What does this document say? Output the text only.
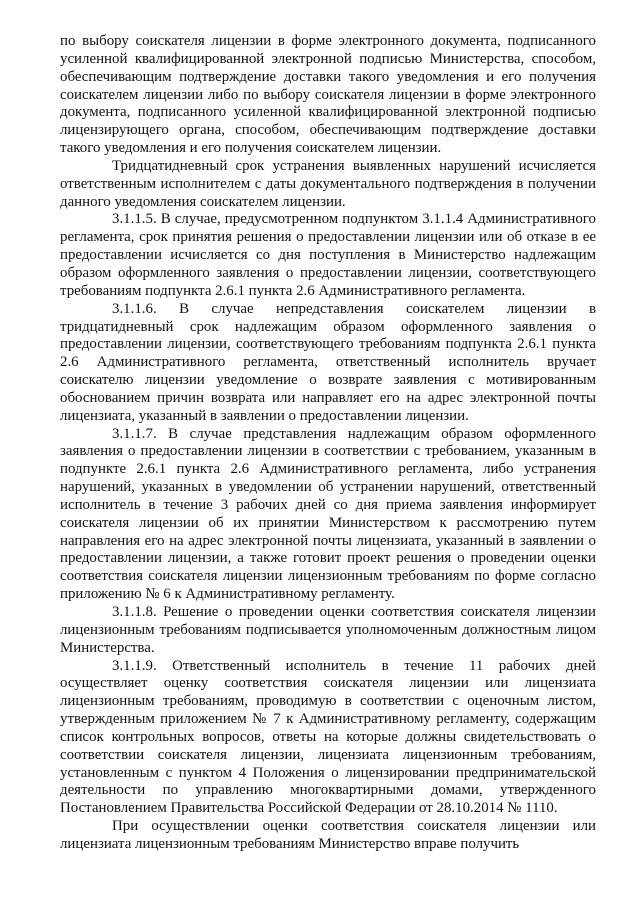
по выбору соискателя лицензии в форме электронного документа, подписанного усиленной квалифицированной электронной подписью Министерства, способом, обеспечивающим подтверждение доставки такого уведомления и его получения соискателем лицензии либо по выбору соискателя лицензии в форме электронного документа, подписанного усиленной квалифицированной электронной подписью лицензирующего органа, способом, обеспечивающим подтверждение доставки такого уведомления и его получения соискателем лицензии.

Тридцатидневный срок устранения выявленных нарушений исчисляется ответственным исполнителем с даты документального подтверждения в получении данного уведомления соискателем лицензии.

3.1.1.5. В случае, предусмотренном подпунктом 3.1.1.4 Административного регламента, срок принятия решения о предоставлении лицензии или об отказе в ее предоставлении исчисляется со дня поступления в Министерство надлежащим образом оформленного заявления о предоставлении лицензии, соответствующего требованиям подпункта 2.6.1 пункта 2.6 Административного регламента.

3.1.1.6. В случае непредставления соискателем лицензии в тридцатидневный срок надлежащим образом оформленного заявления о предоставлении лицензии, соответствующего требованиям подпункта 2.6.1 пункта 2.6 Административного регламента, ответственный исполнитель вручает соискателю лицензии уведомление о возврате заявления с мотивированным обоснованием причин возврата или направляет его на адрес электронной почты лицензиата, указанный в заявлении о предоставлении лицензии.

3.1.1.7. В случае представления надлежащим образом оформленного заявления о предоставлении лицензии в соответствии с требованием, указанным в подпункте 2.6.1 пункта 2.6 Административного регламента, либо устранения нарушений, указанных в уведомлении об устранении нарушений, ответственный исполнитель в течение 3 рабочих дней со дня приема заявления информирует соискателя лицензии об их принятии Министерством к рассмотрению путем направления его на адрес электронной почты лицензиата, указанный в заявлении о предоставлении лицензии, а также готовит проект решения о проведении оценки соответствия соискателя лицензии лицензионным требованиям по форме согласно приложению № 6 к Административному регламенту.

3.1.1.8. Решение о проведении оценки соответствия соискателя лицензии лицензионным требованиям подписывается уполномоченным должностным лицом Министерства.

3.1.1.9. Ответственный исполнитель в течение 11 рабочих дней осуществляет оценку соответствия соискателя лицензии или лицензиата лицензионным требованиям, проводимую в соответствии с оценочным листом, утвержденным приложением № 7 к Административному регламенту, содержащим список контрольных вопросов, ответы на которые должны свидетельствовать о соответствии соискателя лицензии, лицензиата лицензионным требованиям, установленным с пунктом 4 Положения о лицензировании предпринимательской деятельности по управлению многоквартирными домами, утвержденного Постановлением Правительства Российской Федерации от 28.10.2014 № 1110.

При осуществлении оценки соответствия соискателя лицензии или лицензиата лицензионным требованиям Министерство вправе получить
